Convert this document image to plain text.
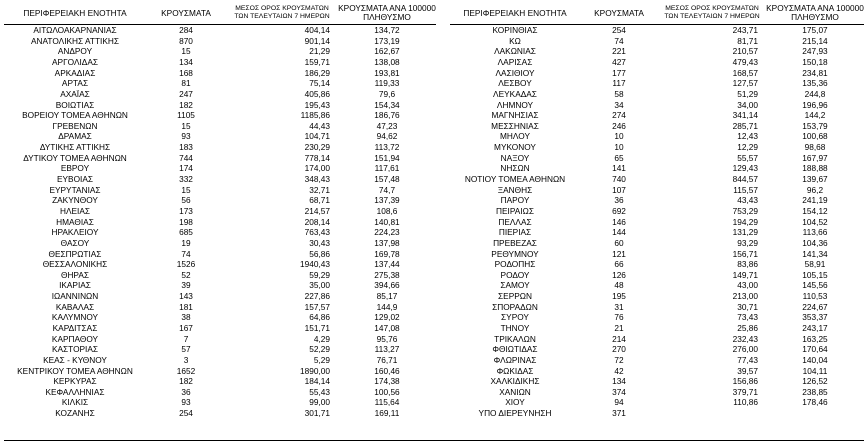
ΠΕΡΙΦΕΡΕΙΑΚΗ ΕΝΟΤΗΤΑ	ΚΡΟΥΣΜΑΤΑ	ΜΕΣΟΣ ΟΡΟΣ ΚΡΟΥΣΜΑΤΩΝ
ΤΩΝ ΤΕΛΕΥΤΑΙΩΝ 7 ΗΜΕΡΩΝ	ΚΡΟΥΣΜΑΤΑ ΑΝΑ 100000
ΠΛΗΘΥΣΜΟ
ΑΙΤΩΛΟΑΚΑΡΝΑΝΙΑΣ	284	404,14	134,72
ΑΝΑΤΟΛΙΚΗΣ ΑΤΤΙΚΗΣ	870	901,14	173,19
ΑΝΔΡΟΥ	15	21,29	162,67
ΑΡΓΟΛΙΔΑΣ	134	159,71	138,08
ΑΡΚΑΔΙΑΣ	168	186,29	193,81
ΑΡΤΑΣ	81	75,14	119,33
ΑΧΑΪΑΣ	247	405,86	79,6
ΒΟΙΩΤΙΑΣ	182	195,43	154,34
ΒΟΡΕΙΟΥ ΤΟΜΕΑ ΑΘΗΝΩΝ	1105	1185,86	186,76
ΓΡΕΒΕΝΩΝ	15	44,43	47,23
ΔΡΑΜΑΣ	93	104,71	94,62
ΔΥΤΙΚΗΣ ΑΤΤΙΚΗΣ	183	230,29	113,72
ΔΥΤΙΚΟΥ ΤΟΜΕΑ ΑΘΗΝΩΝ	744	778,14	151,94
ΕΒΡΟΥ	174	174,00	117,61
ΕΥΒΟΙΑΣ	332	348,43	157,48
ΕΥΡΥΤΑΝΙΑΣ	15	32,71	74,7
ΖΑΚΥΝΘΟΥ	56	68,71	137,39
ΗΛΕΙΑΣ	173	214,57	108,6
ΗΜΑΘΙΑΣ	198	208,14	140,81
ΗΡΑΚΛΕΙΟΥ	685	763,43	224,23
ΘΑΣΟΥ	19	30,43	137,98
ΘΕΣΠΡΩΤΙΑΣ	74	56,86	169,78
ΘΕΣΣΑΛΟΝΙΚΗΣ	1526	1940,43	137,44
ΘΗΡΑΣ	52	59,29	275,38
ΙΚΑΡΙΑΣ	39	35,00	394,66
ΙΩΑΝΝΙΝΩΝ	143	227,86	85,17
ΚΑΒΑΛΑΣ	181	157,57	144,9
ΚΑΛΥΜΝΟΥ	38	64,86	129,02
ΚΑΡΔΙΤΣΑΣ	167	151,71	147,08
ΚΑΡΠΑΘΟΥ	7	4,29	95,76
ΚΑΣΤΟΡΙΑΣ	57	52,29	113,27
ΚΕΑΣ - ΚΥΘΝΟΥ	3	5,29	76,71
ΚΕΝΤΡΙΚΟΥ ΤΟΜΕΑ ΑΘΗΝΩΝ	1652	1890,00	160,46
ΚΕΡΚΥΡΑΣ	182	184,14	174,38
ΚΕΦΑΛΛΗΝΙΑΣ	36	55,43	100,56
ΚΙΛΚΙΣ	93	99,00	115,64
ΚΟΖΑΝΗΣ	254	301,71	169,11
ΠΕΡΙΦΕΡΕΙΑΚΗ ΕΝΟΤΗΤΑ	ΚΡΟΥΣΜΑΤΑ	ΜΕΣΟΣ ΟΡΟΣ ΚΡΟΥΣΜΑΤΩΝ
ΤΩΝ ΤΕΛΕΥΤΑΙΩΝ 7 ΗΜΕΡΩΝ	ΚΡΟΥΣΜΑΤΑ ΑΝΑ 100000
ΠΛΗΘΥΣΜΟ
ΚΟΡΙΝΘΙΑΣ	254	243,71	175,07
ΚΩ	74	81,71	215,14
ΛΑΚΩΝΙΑΣ	221	210,57	247,93
ΛΑΡΙΣΑΣ	427	479,43	150,18
ΛΑΣΙΘΙΟΥ	177	168,57	234,81
ΛΕΣΒΟΥ	117	127,57	135,36
ΛΕΥΚΑΔΑΣ	58	51,29	244,8
ΛΗΜΝΟΥ	34	34,00	196,96
ΜΑΓΝΗΣΙΑΣ	274	341,14	144,2
ΜΕΣΣΗΝΙΑΣ	246	285,71	153,79
ΜΗΛΟΥ	10	12,43	100,68
ΜΥΚΟΝΟΥ	10	12,29	98,68
ΝΑΞΟΥ	65	55,57	167,97
ΝΗΣΩΝ	141	129,43	188,88
ΝΟΤΙΟΥ ΤΟΜΕΑ ΑΘΗΝΩΝ	740	844,57	139,67
ΞΑΝΘΗΣ	107	115,57	96,2
ΠΑΡΟΥ	36	43,43	241,19
ΠΕΙΡΑΙΩΣ	692	753,29	154,12
ΠΕΛΛΑΣ	146	194,29	104,52
ΠΙΕΡΙΑΣ	144	131,29	113,66
ΠΡΕΒΕΖΑΣ	60	93,29	104,36
ΡΕΘΥΜΝΟΥ	121	156,71	141,34
ΡΟΔΟΠΗΣ	66	83,86	58,91
ΡΟΔΟΥ	126	149,71	105,15
ΣΑΜΟΥ	48	43,00	145,56
ΣΕΡΡΩΝ	195	213,00	110,53
ΣΠΟΡΑΔΩΝ	31	30,71	224,67
ΣΥΡΟΥ	76	73,43	353,37
ΤΗΝΟΥ	21	25,86	243,17
ΤΡΙΚΑΛΩΝ	214	232,43	163,25
ΦΘΙΩΤΙΔΑΣ	270	276,00	170,64
ΦΛΩΡΙΝΑΣ	72	77,43	140,04
ΦΩΚΙΔΑΣ	42	39,57	104,11
ΧΑΛΚΙΔΙΚΗΣ	134	156,86	126,52
ΧΑΝΙΩΝ	374	379,71	238,85
ΧΙΟΥ	94	110,86	178,46
ΥΠΟ ΔΙΕΡΕΥΝΗΣΗ	371		
